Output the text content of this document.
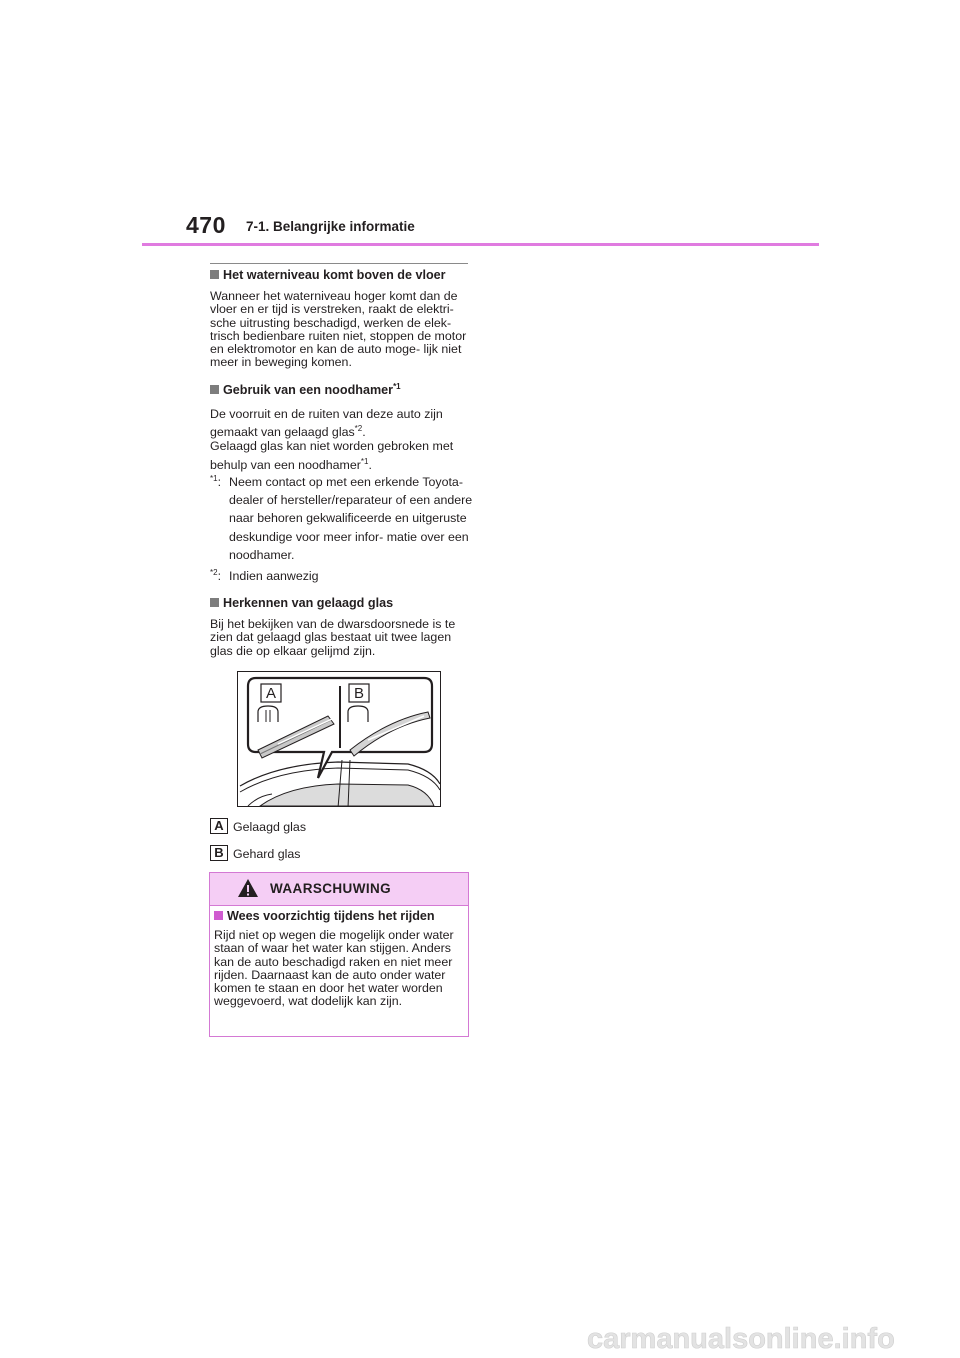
470 7-1. Belangrijke informatie
Het waterniveau komt boven de vloer
Wanneer het waterniveau hoger komt dan de vloer en er tijd is verstreken, raakt de elektri- sche uitrusting beschadigd, werken de elek- trisch bedienbare ruiten niet, stoppen de motor en elektromotor en kan de auto moge- lijk niet meer in beweging komen.
Gebruik van een noodhamer$^{*1}$
De voorruit en de ruiten van deze auto zijn
gemaakt van gelaagd glas$^{*2}$.
Gelaagd glas kan niet worden gebroken met
behulp van een noodhamer$^{*1}$.
$^{*1}$: Neem contact op met een erkende Toyota-dealer of hersteller/reparateur of een andere naar behoren gekwalificeerde en uitgeruste deskundige voor meer infor- matie over een noodhamer.
$^{*2}$: Indien aanwezig
Herkennen van gelaagd glas
Bij het bekijken van de dwarsdoorsnede is te zien dat gelaagd glas bestaat uit twee lagen glas die op elkaar gelijmd zijn.
A	B
A Gelaagd glas
B Gehard glas
WAARSCHUWING
Wees voorzichtig tijdens het rijden
Rijd niet op wegen die mogelijk onder water staan of waar het water kan stijgen. Anders kan de auto beschadigd raken en niet meer rijden. Daarnaast kan de auto onder water komen te staan en door het water worden weggevoerd, wat dodelijk kan zijn.
carmanualsonline.info
